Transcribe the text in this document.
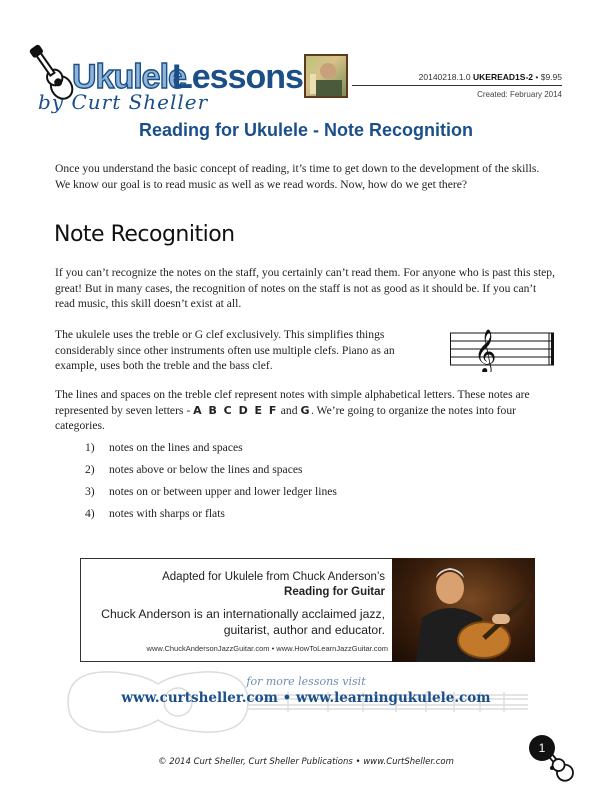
Ukulele
Lessons
by Curt Sheller
20140218.1.0 UKEREAD1S-2 • $9.95
Created: February 2014
Reading for Ukulele - Note Recognition
Once you understand the basic concept of reading, it’s time to get down to the development of the skills. We know our goal is to read music as well as we read words. Now, how do we get there?
Note Recognition
If you can’t recognize the notes on the staff, you certainly can’t read them. For anyone who is past this step, great! But in many cases, the recognition of notes on the staff is not as good as it should be. If you can’t read music, this skill doesn’t exist at all.
The ukulele uses the treble or G clef exclusively. This simplifies things considerably since other instruments often use multiple clefs. Piano as an example, uses both the treble and the bass clef.	𝄞
The lines and spaces on the treble clef represent notes with simple alphabetical letters. These notes are represented by seven letters - A B C D E F and G. We’re going to organize the notes into four categories.
1)	notes on the lines and spaces
2)	notes above or below the lines and spaces
3)	notes on or between upper and lower ledger lines
4)	notes with sharps or flats
Adapted for Ukulele from Chuck Anderson’s
Reading for Guitar
Chuck Anderson is an internationally acclaimed jazz, guitarist, author and educator.
www.ChuckAndersonJazzGuitar.com • www.HowToLearnJazzGuitar.com
for more lessons visit
www.curtsheller.com • www.learningukulele.com
1
© 2014 Curt Sheller, Curt Sheller Publications • www.CurtSheller.com
